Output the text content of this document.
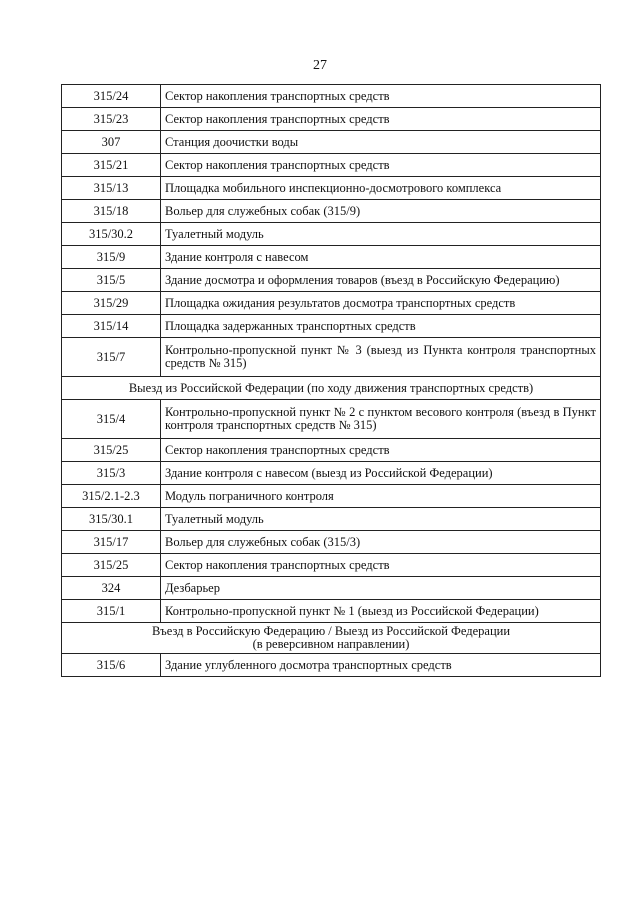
27
315/24	Сектор накопления транспортных средств
315/23	Сектор накопления транспортных средств
307	Станция доочистки воды
315/21	Сектор накопления транспортных средств
315/13	Площадка мобильного инспекционно-досмотрового комплекса
315/18	Вольер для служебных собак (315/9)
315/30.2	Туалетный модуль
315/9	Здание контроля с навесом
315/5	Здание досмотра и оформления товаров (въезд в Российскую Федерацию)
315/29	Площадка ожидания результатов досмотра транспортных средств
315/14	Площадка задержанных транспортных средств
315/7	Контрольно-пропускной пункт № 3 (выезд из Пункта контроля транспортных средств № 315)
Выезд из Российской Федерации (по ходу движения транспортных средств)	
315/4	Контрольно-пропускной пункт № 2 с пунктом весового контроля (въезд в Пункт контроля транспортных средств № 315)
315/25	Сектор накопления транспортных средств
315/3	Здание контроля с навесом (выезд из Российской Федерации)
315/2.1-2.3	Модуль пограничного контроля
315/30.1	Туалетный модуль
315/17	Вольер для служебных собак (315/3)
315/25	Сектор накопления транспортных средств
324	Дезбарьер
315/1	Контрольно-пропускной пункт № 1 (выезд из Российской Федерации)

Въезд в Российскую Федерацию / Выезд из Российской Федерации
(в реверсивном направлении)	

315/6	Здание углубленного досмотра транспортных средств
